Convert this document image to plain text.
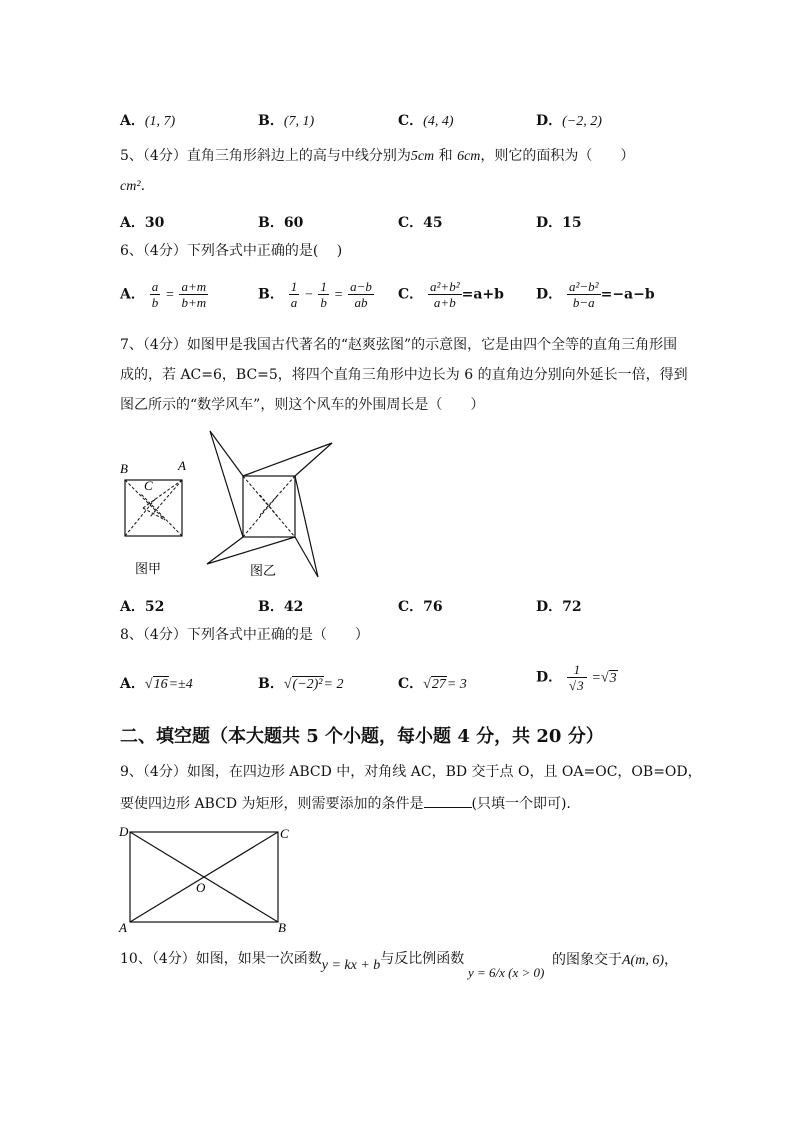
A．(1, 7)	B．(7, 1)	C．(4, 4)	D．(−2, 2)
5、（4分）直角三角形斜边上的高与中线分别为5cm 和 6cm，则它的面积为（　　）
cm²．
A．30	B．60	C．45	D．15
6、（4分）下列各式中正确的是(　 )
A． $\frac{a}{b} = \frac{a+m}{b+m}$	B． $\frac{1}{a} - \frac{1}{b} = \frac{a-b}{ab}$ C． $\frac{\text{a²+b²}}{a+b} =a+b$ D． $\frac{\text{a²−b²}}{b-a} =-a-b$
7、（4分）如图甲是我国古代著名的“赵爽弦图”的示意图，它是由四个全等的直角三角形围
成的，若 AC=6，BC=5，将四个直角三角形中边长为 6 的直角边分别向外延长一倍，得到
图乙所示的“数学风车”，则这个风车的外围周长是（　　）
B	A
C
图甲	图乙
A．52	B．42	C．76	D．72
8、（4分）下列各式中正确的是（　　）
A．√16=±4	B．√(−2)²= 2	C．√27= 3	D． $\frac{1}{√3} =√3$
二、填空题（本大题共 5 个小题，每小题 4 分，共 20 分）
9、（4分）如图，在四边形 ABCD 中，对角线 AC，BD 交于点 O，且 OA=OC，OB=OD，
要使四边形 ABCD 为矩形，则需要添加的条件是	(只填一个即可).
D	C
O
A	B
10、（4分）如图，如果一次函数y = kx + b与反比例函数
y = 6/x (x > 0)
的图象交于A(m, 6)，
